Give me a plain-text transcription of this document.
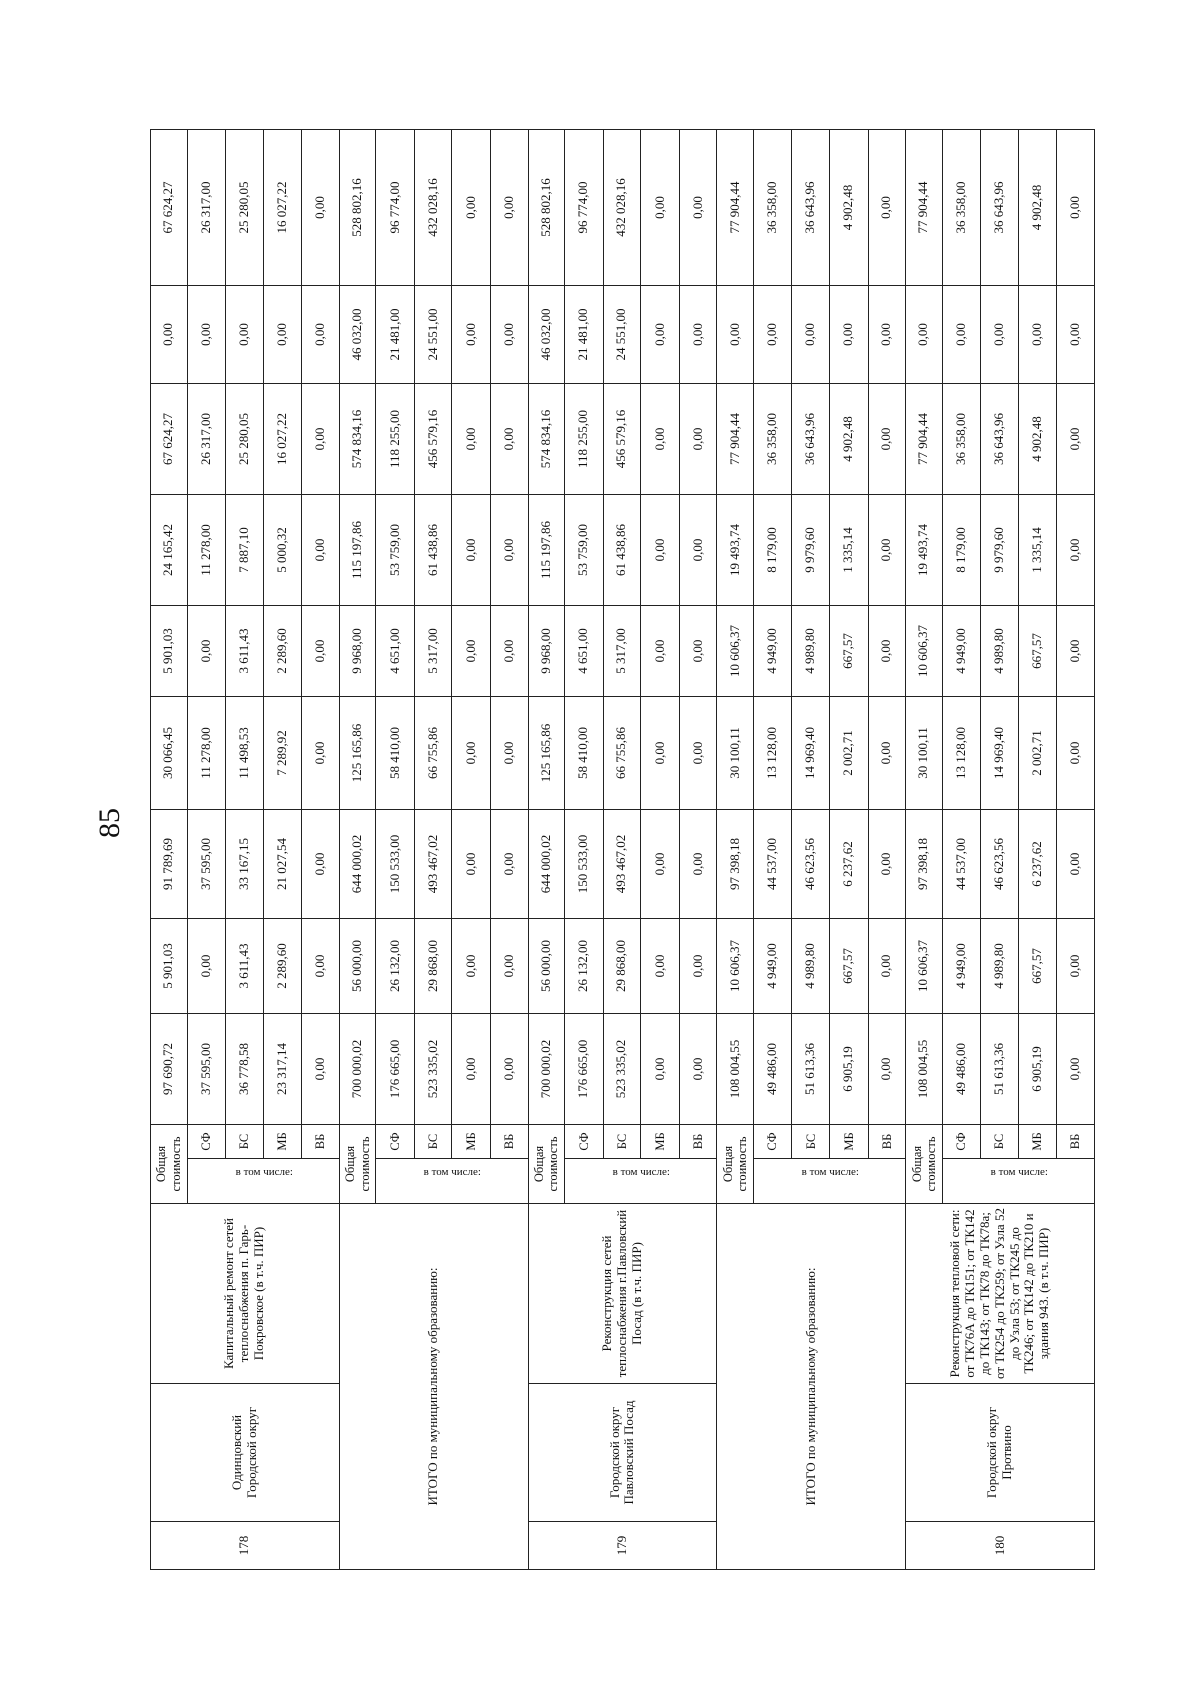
85
178	Одинцовский Городской округ	Капитальный ремонт сетей теплоснабжения п. Гарь- Покровское (в т.ч. ПИР)	Общая стоимость		97 690,72	5 901,03	91 789,69	30 066,45	5 901,03	24 165,42	67 624,27	0,00	67 624,27
			в том числе:	СФ	37 595,00	0,00	37 595,00	11 278,00	0,00	11 278,00	26 317,00	0,00	26 317,00
				БС	36 778,58	3 611,43	33 167,15	11 498,53	3 611,43	7 887,10	25 280,05	0,00	25 280,05
				МБ	23 317,14	2 289,60	21 027,54	7 289,92	2 289,60	5 000,32	16 027,22	0,00	16 027,22
				ВБ	0,00	0,00	0,00	0,00	0,00	0,00	0,00	0,00	0,00
ИТОГО по муниципальному образованию:			Общая стоимость		700 000,02	56 000,00	644 000,02	125 165,86	9 968,00	115 197,86	574 834,16	46 032,00	528 802,16
			в том числе:	СФ	176 665,00	26 132,00	150 533,00	58 410,00	4 651,00	53 759,00	118 255,00	21 481,00	96 774,00
				БС	523 335,02	29 868,00	493 467,02	66 755,86	5 317,00	61 438,86	456 579,16	24 551,00	432 028,16
				МБ	0,00	0,00	0,00	0,00	0,00	0,00	0,00	0,00	0,00
				ВБ	0,00	0,00	0,00	0,00	0,00	0,00	0,00	0,00	0,00
179	Городской округ Павловский Посад	Реконструкция сетей теплоснабжения г.Павловский Посад (в т.ч. ПИР)	Общая стоимость		700 000,02	56 000,00	644 000,02	125 165,86	9 968,00	115 197,86	574 834,16	46 032,00	528 802,16
			в том числе:	СФ	176 665,00	26 132,00	150 533,00	58 410,00	4 651,00	53 759,00	118 255,00	21 481,00	96 774,00
				БС	523 335,02	29 868,00	493 467,02	66 755,86	5 317,00	61 438,86	456 579,16	24 551,00	432 028,16
				МБ	0,00	0,00	0,00	0,00	0,00	0,00	0,00	0,00	0,00
				ВБ	0,00	0,00	0,00	0,00	0,00	0,00	0,00	0,00	0,00
ИТОГО по муниципальному образованию:			Общая стоимость		108 004,55	10 606,37	97 398,18	30 100,11	10 606,37	19 493,74	77 904,44	0,00	77 904,44
			в том числе:	СФ	49 486,00	4 949,00	44 537,00	13 128,00	4 949,00	8 179,00	36 358,00	0,00	36 358,00
				БС	51 613,36	4 989,80	46 623,56	14 969,40	4 989,80	9 979,60	36 643,96	0,00	36 643,96
				МБ	6 905,19	667,57	6 237,62	2 002,71	667,57	1 335,14	4 902,48	0,00	4 902,48
				ВБ	0,00	0,00	0,00	0,00	0,00	0,00	0,00	0,00	0,00
180	Городской округ Протвино	Реконструкция тепловой сети: от ТК76А до ТК151; от ТК142 до ТК143; от ТК78 до ТК78а; от ТК254 до ТК259; от Узла 52 до Узла 53; от ТК245 до ТК246; от ТК142 до ТК210 и здания 943. (в т.ч. ПИР)	Общая стоимость		108 004,55	10 606,37	97 398,18	30 100,11	10 606,37	19 493,74	77 904,44	0,00	77 904,44
			в том числе:	СФ	49 486,00	4 949,00	44 537,00	13 128,00	4 949,00	8 179,00	36 358,00	0,00	36 358,00
				БС	51 613,36	4 989,80	46 623,56	14 969,40	4 989,80	9 979,60	36 643,96	0,00	36 643,96
				МБ	6 905,19	667,57	6 237,62	2 002,71	667,57	1 335,14	4 902,48	0,00	4 902,48
				ВБ	0,00	0,00	0,00	0,00	0,00	0,00	0,00	0,00	0,00
